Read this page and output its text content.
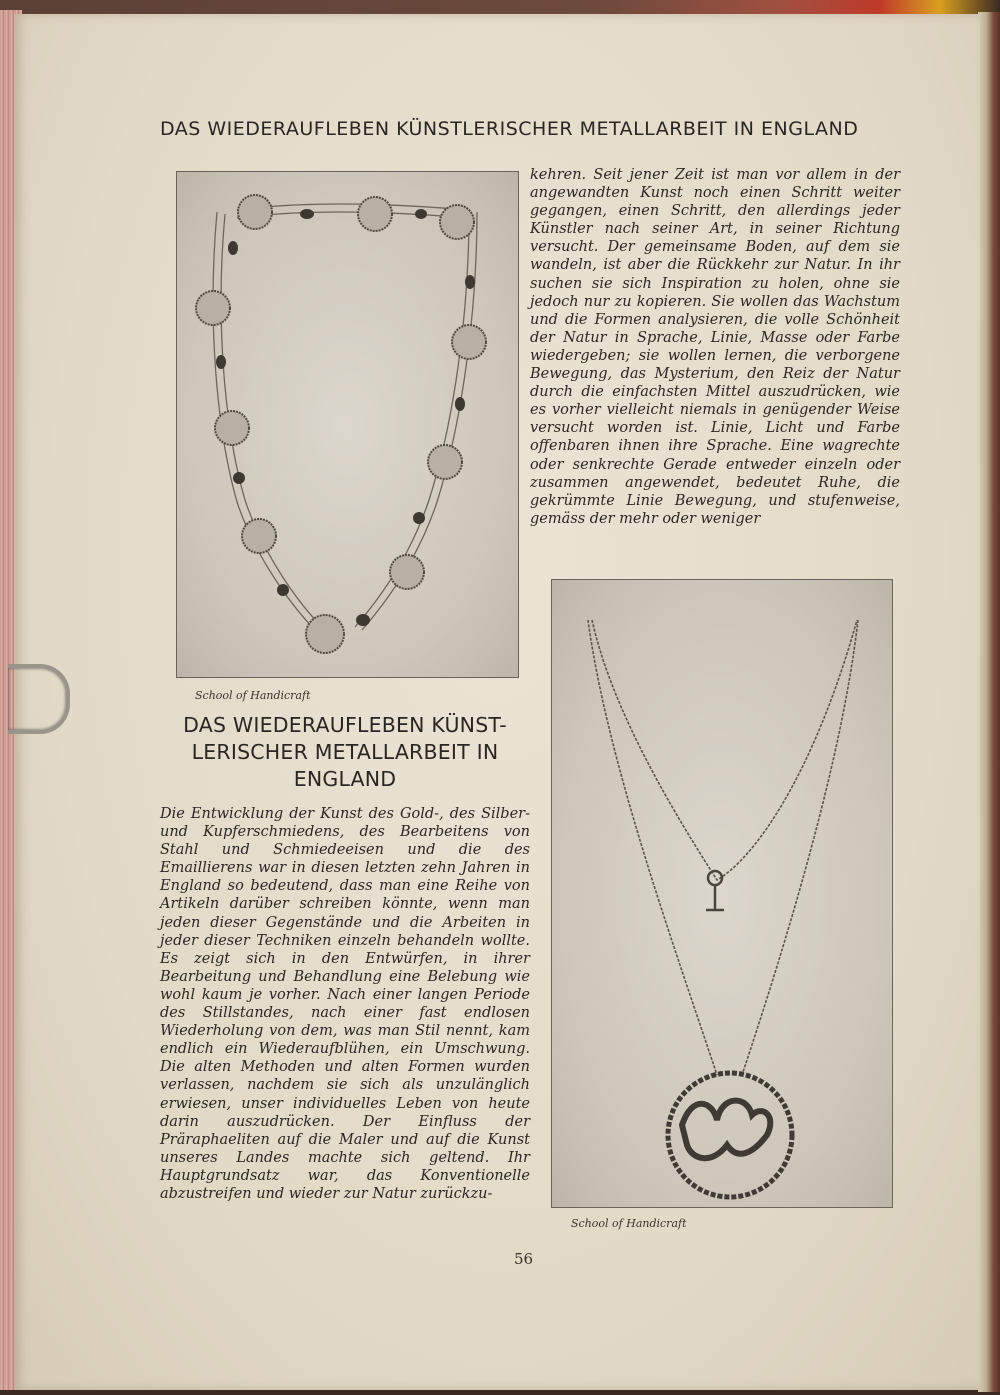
DAS WIEDERAUFLEBEN KÜNSTLERISCHER METALLARBEIT IN ENGLAND
School of Handicraft
DAS WIEDERAUFLEBEN KÜNST- LERISCHER METALLARBEIT IN ENGLAND
Die Entwicklung der Kunst des Gold-, des Silber- und Kupferschmiedens, des Bearbeitens von Stahl und Schmiedeeisen und die des Emaillierens war in diesen letzten zehn Jahren in England so bedeutend, dass man eine Reihe von Artikeln darüber schreiben könnte, wenn man jeden dieser Gegenstände und die Arbeiten in jeder dieser Techniken einzeln behandeln wollte. Es zeigt sich in den Entwürfen, in ihrer Bearbeitung und Behandlung eine Belebung wie wohl kaum je vorher. Nach einer langen Periode des Stillstandes, nach einer fast endlosen Wiederholung von dem, was man Stil nennt, kam endlich ein Wiederaufblühen, ein Umschwung. Die alten Methoden und alten Formen wurden verlassen, nachdem sie sich als unzulänglich erwiesen, unser individuelles Leben von heute darin auszudrücken. Der Einfluss der Präraphaeliten auf die Maler und auf die Kunst unseres Landes machte sich geltend. Ihr Hauptgrundsatz war, das Konventionelle abzustreifen und wieder zur Natur zurückzu-
kehren. Seit jener Zeit ist man vor allem in der angewandten Kunst noch einen Schritt weiter gegangen, einen Schritt, den allerdings jeder Künstler nach seiner Art, in seiner Richtung versucht. Der gemeinsame Boden, auf dem sie wandeln, ist aber die Rückkehr zur Natur. In ihr suchen sie sich Inspiration zu holen, ohne sie jedoch nur zu kopieren. Sie wollen das Wachstum und die Formen analysieren, die volle Schönheit der Natur in Sprache, Linie, Masse oder Farbe wiedergeben; sie wollen lernen, die verborgene Bewegung, das Mysterium, den Reiz der Natur durch die einfachsten Mittel auszudrücken, wie es vorher vielleicht niemals in genügender Weise versucht worden ist. Linie, Licht und Farbe offenbaren ihnen ihre Sprache. Eine wagrechte oder senkrechte Gerade entweder einzeln oder zusammen angewendet, bedeutet Ruhe, die gekrümmte Linie Bewegung, und stufenweise, gemäss der mehr oder weniger
School of Handicraft
56
